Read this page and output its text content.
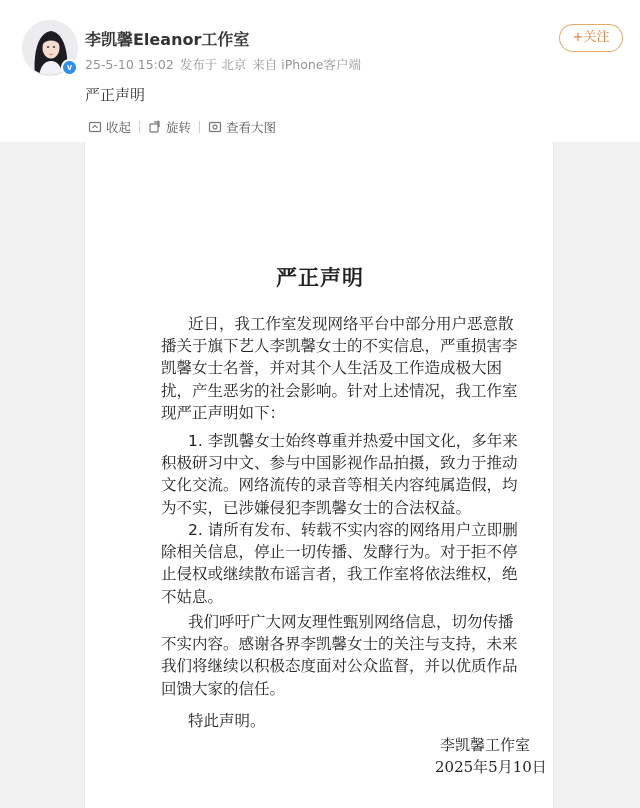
v
李凯馨Eleanor工作室
25-5-10 15:02 发布于 北京 来自 iPhone客户端
+关注
严正声明
收起	旋转	查看大图
严正声明
近日，我工作室发现网络平台中部分用户恶意散
播关于旗下艺人李凯馨女士的不实信息，严重损害李
凯馨女士名誉，并对其个人生活及工作造成极大困
扰，产生恶劣的社会影响。针对上述情况，我工作室
现严正声明如下：
1. 李凯馨女士始终尊重并热爱中国文化，多年来
积极研习中文、参与中国影视作品拍摄，致力于推动
文化交流。网络流传的录音等相关内容纯属造假，均
为不实，已涉嫌侵犯李凯馨女士的合法权益。
2. 请所有发布、转载不实内容的网络用户立即删
除相关信息，停止一切传播、发酵行为。对于拒不停
止侵权或继续散布谣言者，我工作室将依法维权，绝
不姑息。
我们呼吁广大网友理性甄别网络信息，切勿传播
不实内容。感谢各界李凯馨女士的关注与支持，未来
我们将继续以积极态度面对公众监督，并以优质作品
回馈大家的信任。
特此声明。
李凯馨工作室
2025年5月10日
